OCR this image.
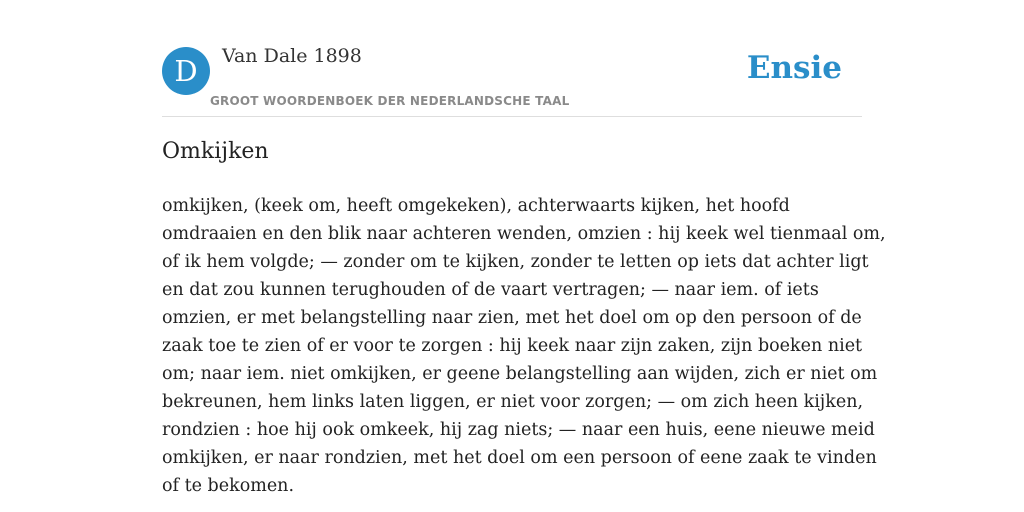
D	Van Dale 1898
GROOT WOORDENBOEK DER NEDERLANDSCHE TAAL
Ensie
Omkijken

omkijken, (keek om, heeft omgekeken), achterwaarts kijken, het hoofd
omdraaien en den blik naar achteren wenden, omzien : hij keek wel tienmaal om,
of ik hem volgde; — zonder om te kijken, zonder te letten op iets dat achter ligt
en dat zou kunnen terughouden of de vaart vertragen; — naar iem. of iets
omzien, er met belangstelling naar zien, met het doel om op den persoon of de
zaak toe te zien of er voor te zorgen : hij keek naar zijn zaken, zijn boeken niet
om; naar iem. niet omkijken, er geene belangstelling aan wijden, zich er niet om
bekreunen, hem links laten liggen, er niet voor zorgen; — om zich heen kijken,
rondzien : hoe hij ook omkeek, hij zag niets; — naar een huis, eene nieuwe meid
omkijken, er naar rondzien, met het doel om een persoon of eene zaak te vinden
of te bekomen.
